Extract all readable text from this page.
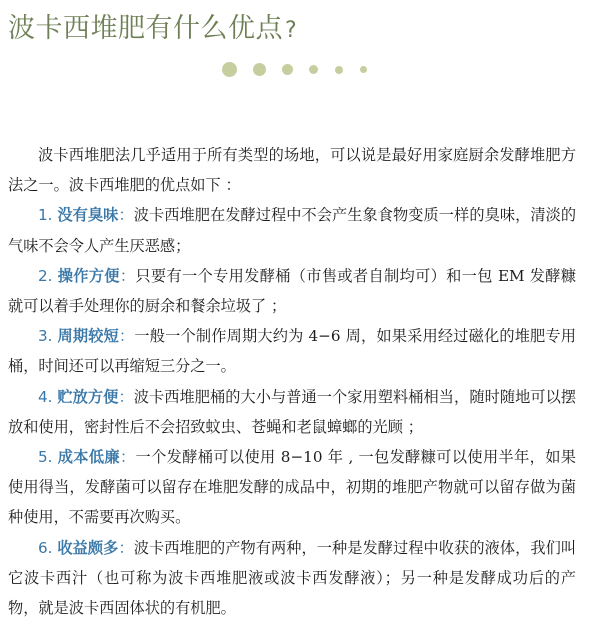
波卡西堆肥有什么优点?

波卡西堆肥法几乎适用于所有类型的场地，可以说是最好用家庭厨余发酵堆肥方法之一。波卡西堆肥的优点如下 ：

1. 没有臭味：波卡西堆肥在发酵过程中不会产生象食物变质一样的臭味，清淡的气味不会令人产生厌恶感；

2. 操作方便：只要有一个专用发酵桶（市售或者自制均可）和一包 EM 发酵糠就可以着手处理你的厨余和餐余垃圾了 ；

3. 周期较短：一般一个制作周期大约为 4−6 周，如果采用经过磁化的堆肥专用桶，时间还可以再缩短三分之一。

4. 贮放方便：波卡西堆肥桶的大小与普通一个家用塑料桶相当，随时随地可以摆放和使用，密封性后不会招致蚊虫、苍蝇和老鼠蟑螂的光顾 ；

5. 成本低廉：一个发酵桶可以使用 8−10 年 , 一包发酵糠可以使用半年，如果使用得当，发酵菌可以留存在堆肥发酵的成品中，初期的堆肥产物就可以留存做为菌种使用，不需要再次购买。

6. 收益颇多：波卡西堆肥的产物有两种，一种是发酵过程中收获的液体，我们叫它波卡西汁（也可称为波卡西堆肥液或波卡西发酵液）；另一种是发酵成功后的产物，就是波卡西固体状的有机肥。
